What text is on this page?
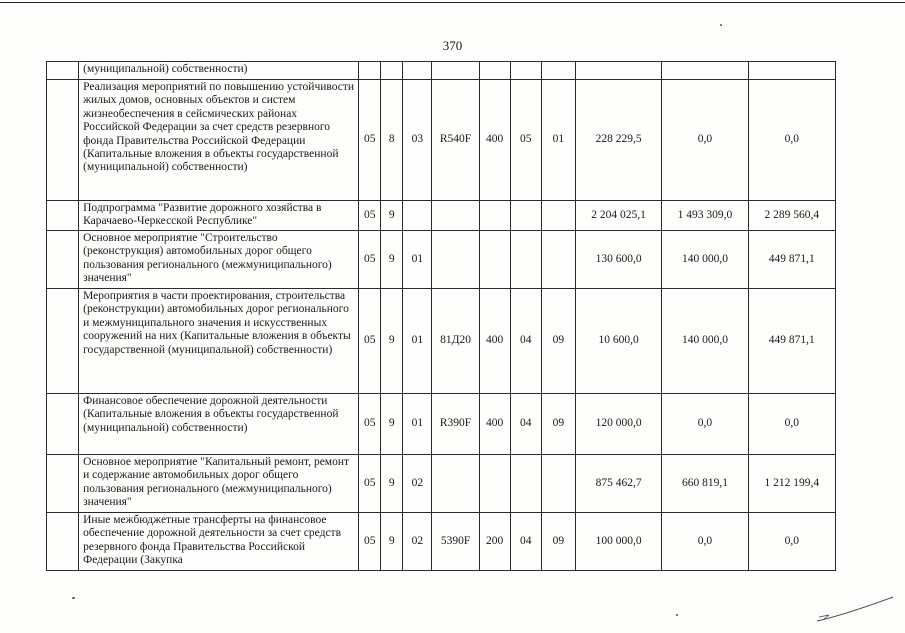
370
	(муниципальной) собственности)										
	Реализация мероприятий по повышению устойчивости жилых домов, основных объектов и систем жизнеобеспечения в сейсмических районах Российской Федерации за счет средств резервного фонда Правительства Российской Федерации (Капитальные вложения в объекты государственной (муниципальной) собственности)	05	8	03	R540F	400	05	01	228 229,5	0,0	0,0
	Подпрограмма "Развитие дорожного хозяйства в Карачаево-Черкесской Республике"	05	9						2 204 025,1	1 493 309,0	2 289 560,4
	Основное мероприятие "Строительство (реконструкция) автомобильных дорог общего пользования регионального (межмуниципального) значения"	05	9	01					130 600,0	140 000,0	449 871,1
	Мероприятия в части проектирования, строительства (реконструкции) автомобильных дорог регионального и межмуниципального значения и искусственных сооружений на них (Капитальные вложения в объекты государственной (муниципальной) собственности)	05	9	01	81Д20	400	04	09	10 600,0	140 000,0	449 871,1
	Финансовое обеспечение дорожной деятельности (Капитальные вложения в объекты государственной (муниципальной) собственности)	05	9	01	R390F	400	04	09	120 000,0	0,0	0,0
	Основное мероприятие "Капитальный ремонт, ремонт и содержание автомобильных дорог общего пользования регионального (межмуниципального) значения"	05	9	02					875 462,7	660 819,1	1 212 199,4
	Иные межбюджетные трансферты на финансовое обеспечение дорожной деятельности за счет средств резервного фонда Правительства Российской Федерации (Закупка	05	9	02	5390F	200	04	09	100 000,0	0,0	0,0
